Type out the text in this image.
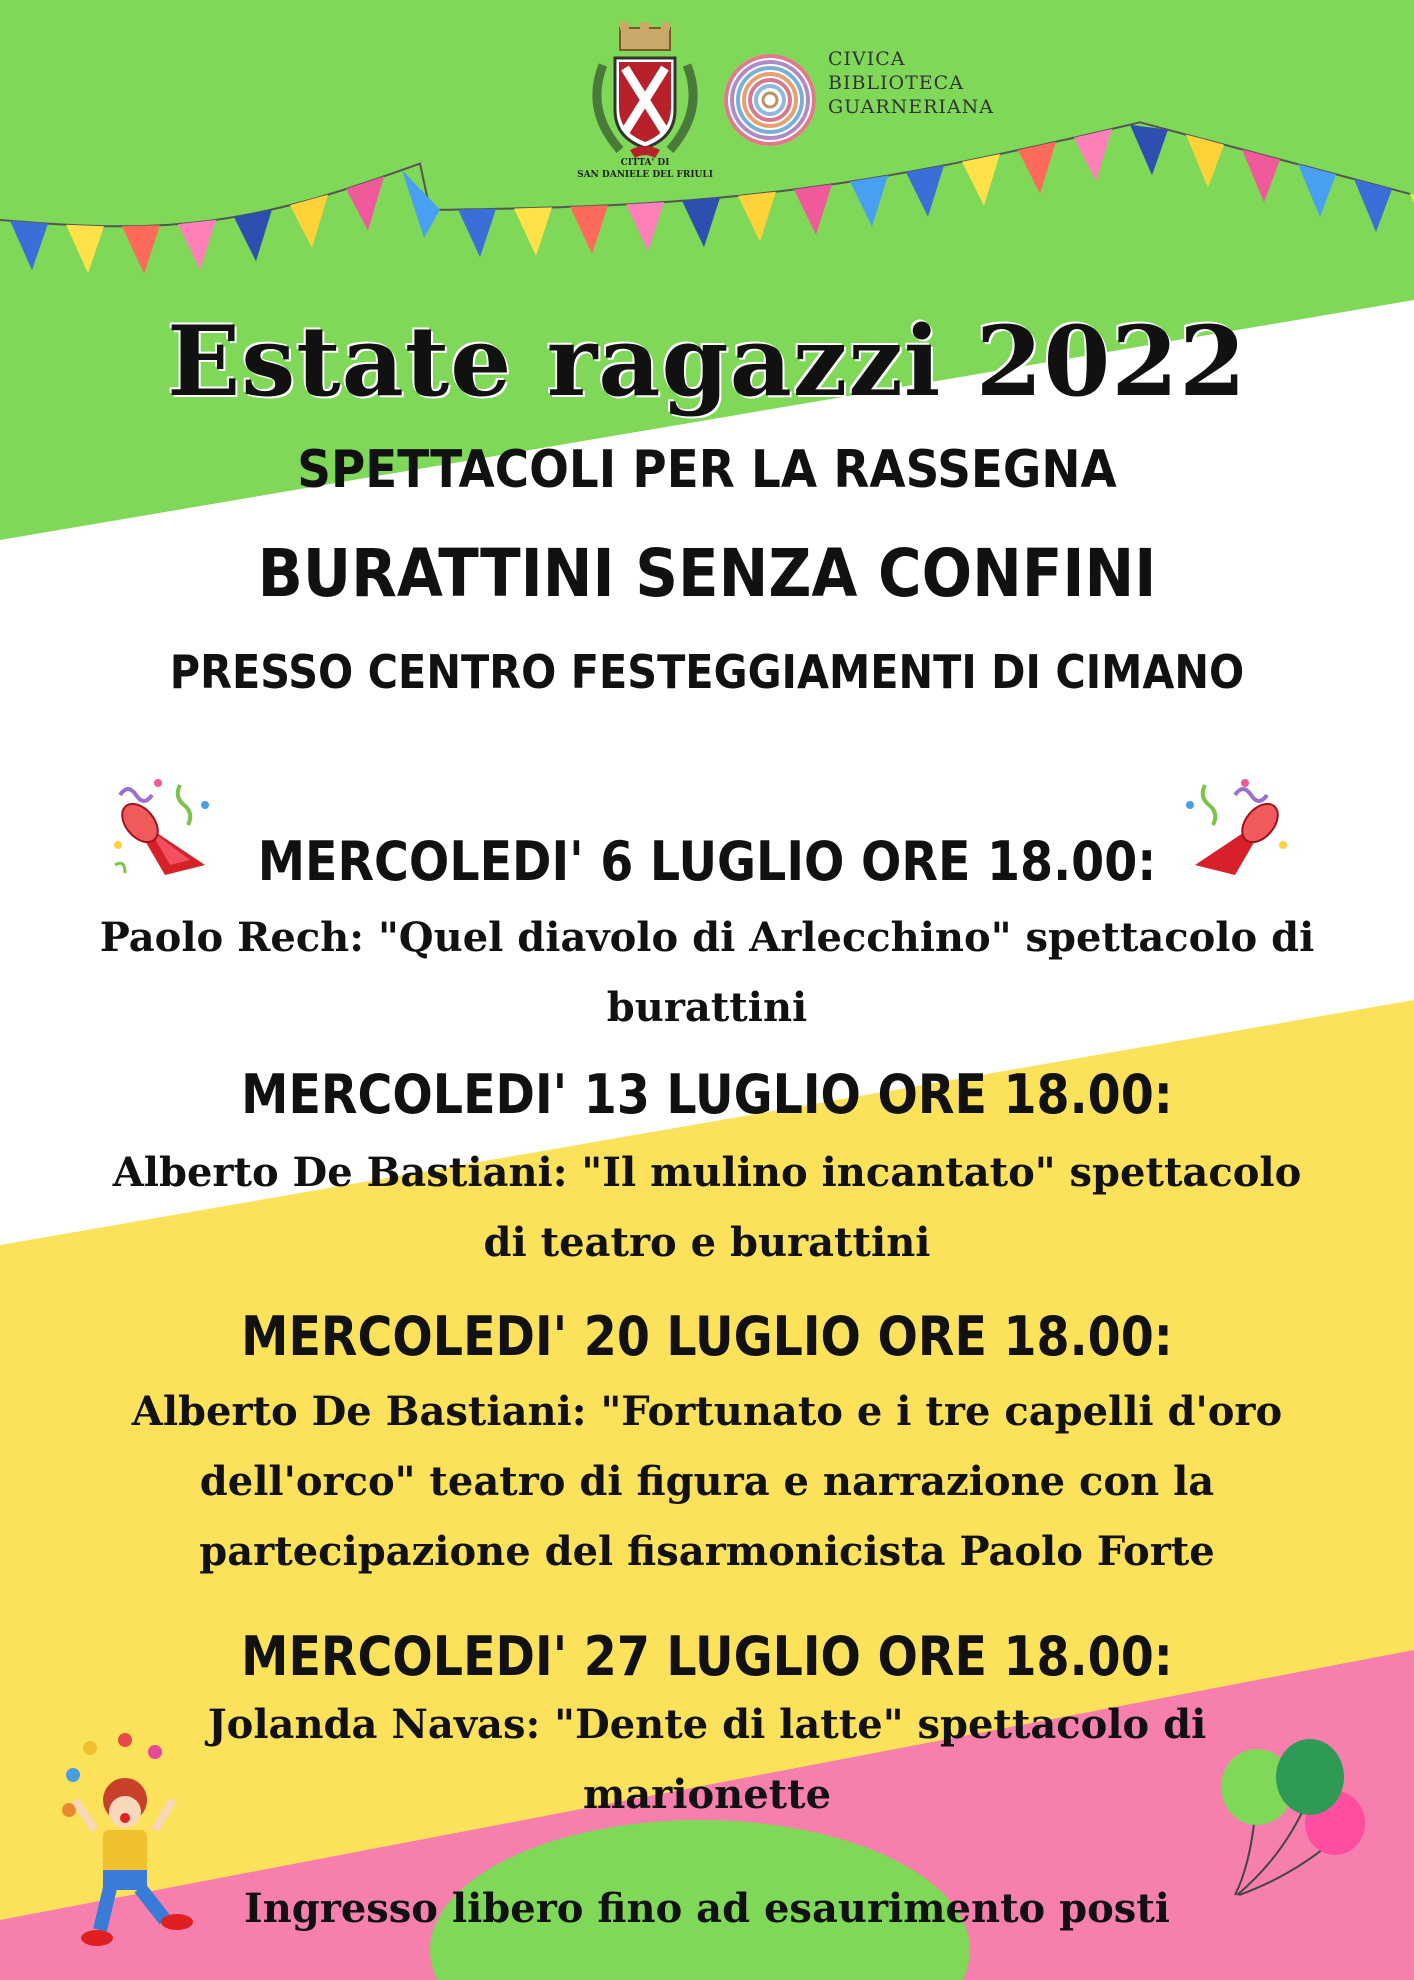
CITTA' DI
SAN DANIELE DEL FRIULI
CIVICA
BIBLIOTECA
GUARNERIANA
Estate ragazzi 2022
SPETTACOLI PER LA RASSEGNA
BURATTINI SENZA CONFINI
PRESSO CENTRO FESTEGGIAMENTI DI CIMANO
MERCOLEDI' 6 LUGLIO ORE 18.00:
Paolo Rech: "Quel diavolo di Arlecchino" spettacolo di
burattini
MERCOLEDI' 13 LUGLIO ORE 18.00:
Alberto De Bastiani: "Il mulino incantato" spettacolo
di teatro e burattini
MERCOLEDI' 20 LUGLIO ORE 18.00:
Alberto De Bastiani: "Fortunato e i tre capelli d'oro
dell'orco" teatro di figura e narrazione con la
partecipazione del fisarmonicista Paolo Forte
MERCOLEDI' 27 LUGLIO ORE 18.00:
Jolanda Navas: "Dente di latte" spettacolo di
marionette
Ingresso libero fino ad esaurimento posti
